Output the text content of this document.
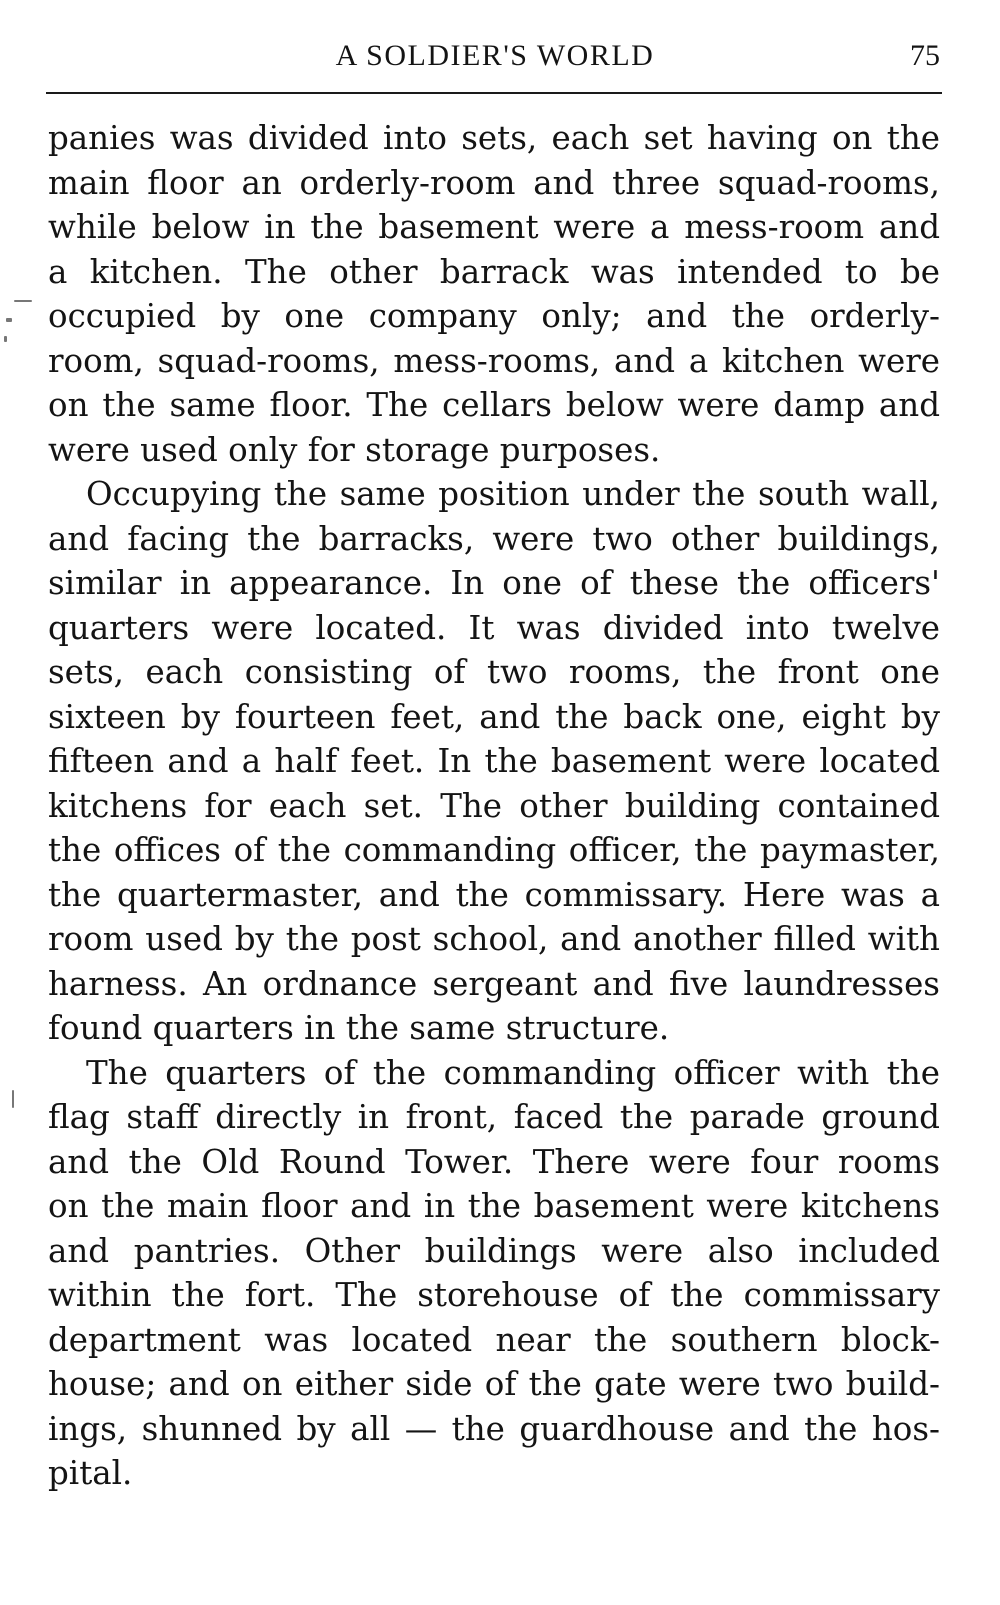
A SOLDIER'S WORLD	75
panies was divided into sets, each set having on the
main floor an orderly-room and three squad-rooms,
while below in the basement were a mess-room and
a kitchen. The other barrack was intended to be
occupied by one company only; and the orderly-
room, squad-rooms, mess-rooms, and a kitchen were
on the same floor. The cellars below were damp and
were used only for storage purposes.
Occupying the same position under the south wall,
and facing the barracks, were two other buildings,
similar in appearance. In one of these the officers'
quarters were located. It was divided into twelve
sets, each consisting of two rooms, the front one
sixteen by fourteen feet, and the back one, eight by
fifteen and a half feet. In the basement were located
kitchens for each set. The other building contained
the offices of the commanding officer, the paymaster,
the quartermaster, and the commissary. Here was a
room used by the post school, and another filled with
harness. An ordnance sergeant and five laundresses
found quarters in the same structure.
The quarters of the commanding officer with the
flag staff directly in front, faced the parade ground
and the Old Round Tower. There were four rooms
on the main floor and in the basement were kitchens
and pantries. Other buildings were also included
within the fort. The storehouse of the commissary
department was located near the southern block-
house; and on either side of the gate were two build-
ings, shunned by all — the guardhouse and the hos-
pital.
